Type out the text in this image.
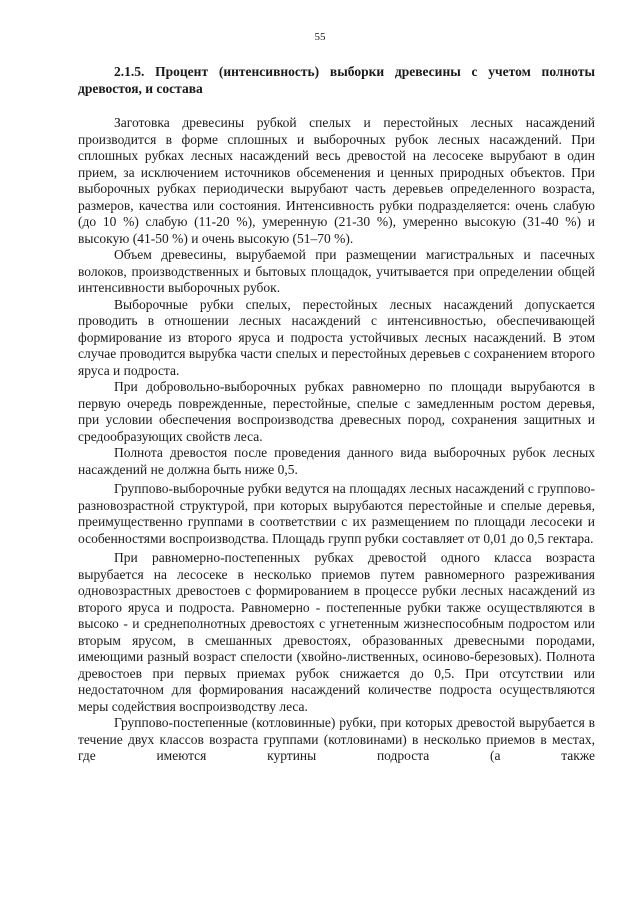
55

2.1.5. Процент (интенсивность) выборки древесины с учетом полноты древостоя, и состава

Заготовка древесины рубкой спелых и перестойных лесных насаждений производится в форме сплошных и выборочных рубок лесных насаждений. При сплошных рубках лесных насаждений весь древостой на лесосеке вырубают в один прием, за исключением источников обсеменения и ценных природных объектов. При выборочных рубках периодически вырубают часть деревьев определенного возраста, размеров, качества или состояния. Интенсивность рубки подразделяется: очень слабую (до 10 %) слабую (11-20 %), умеренную (21-30 %), умеренно высокую (31-40 %) и высокую (41-50 %) и очень высокую (51–70 %).

Объем древесины, вырубаемой при размещении магистральных и пасечных волоков, производственных и бытовых площадок, учитывается при определении общей интенсивности выборочных рубок.

Выборочные рубки спелых, перестойных лесных насаждений допускается проводить в отношении лесных насаждений с интенсивностью, обеспечивающей формирование из второго яруса и подроста устойчивых лесных насаждений. В этом случае проводится вырубка части спелых и перестойных деревьев с сохранением второго яруса и подроста.

При добровольно-выборочных рубках равномерно по площади вырубаются в первую очередь поврежденные, перестойные, спелые с замедленным ростом деревья, при условии обеспечения воспроизводства древесных пород, сохранения защитных и средообразующих свойств леса.

Полнота древостоя после проведения данного вида выборочных рубок лесных насаждений не должна быть ниже 0,5.

Группово-выборочные рубки ведутся на площадях лесных насаждений с группово-разновозрастной структурой, при которых вырубаются перестойные и спелые деревья, преимущественно группами в соответствии с их размещением по площади лесосеки и особенностями воспроизводства. Площадь групп рубки составляет от 0,01 до 0,5 гектара.

При равномерно-постепенных рубках древостой одного класса возраста вырубается на лесосеке в несколько приемов путем равномерного разреживания одновозрастных древостоев с формированием в процессе рубки лесных насаждений из второго яруса и подроста. Равномерно - постепенные рубки также осуществляются в высоко - и среднеполнотных древостоях с угнетенным жизнеспособным подростом или вторым ярусом, в смешанных древостоях, образованных древесными породами, имеющими разный возраст спелости (хвойно-лиственных, осиново-березовых). Полнота древостоев при первых приемах рубок снижается до 0,5. При отсутствии или недостаточном для формирования насаждений количестве подроста осуществляются меры содействия воспроизводству леса.

Группово-постепенные (котловинные) рубки, при которых древостой вырубается в течение двух классов возраста группами (котловинами) в несколько приемов в местах, где имеются куртины подроста (а также
